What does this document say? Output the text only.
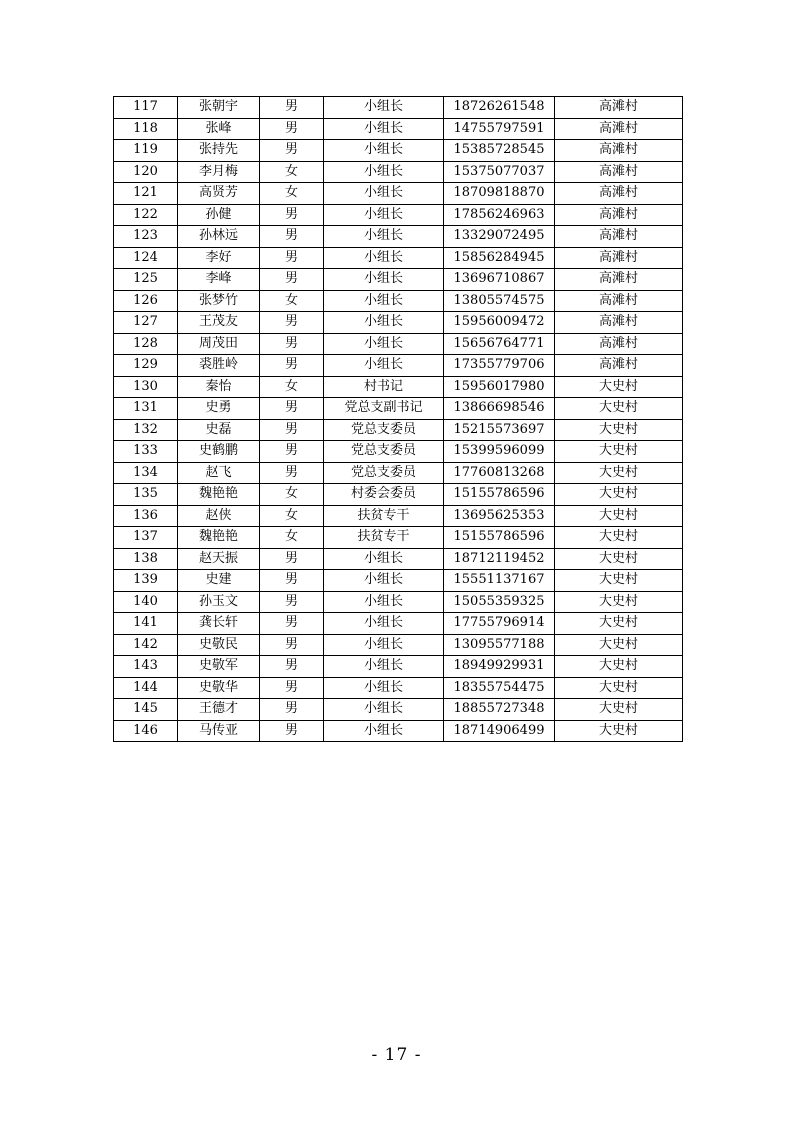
117	张朝宇	男	小组长	18726261548	高滩村
118	张峰	男	小组长	14755797591	高滩村
119	张持先	男	小组长	15385728545	高滩村
120	李月梅	女	小组长	15375077037	高滩村
121	高贤芳	女	小组长	18709818870	高滩村
122	孙健	男	小组长	17856246963	高滩村
123	孙林远	男	小组长	13329072495	高滩村
124	李好	男	小组长	15856284945	高滩村
125	李峰	男	小组长	13696710867	高滩村
126	张梦竹	女	小组长	13805574575	高滩村
127	王茂友	男	小组长	15956009472	高滩村
128	周茂田	男	小组长	15656764771	高滩村
129	裘胜岭	男	小组长	17355779706	高滩村
130	秦怡	女	村书记	15956017980	大史村
131	史勇	男	党总支副书记	13866698546	大史村
132	史磊	男	党总支委员	15215573697	大史村
133	史鹤鹏	男	党总支委员	15399596099	大史村
134	赵飞	男	党总支委员	17760813268	大史村
135	魏艳艳	女	村委会委员	15155786596	大史村
136	赵侠	女	扶贫专干	13695625353	大史村
137	魏艳艳	女	扶贫专干	15155786596	大史村
138	赵天振	男	小组长	18712119452	大史村
139	史建	男	小组长	15551137167	大史村
140	孙玉文	男	小组长	15055359325	大史村
141	龚长轩	男	小组长	17755796914	大史村
142	史敬民	男	小组长	13095577188	大史村
143	史敬军	男	小组长	18949929931	大史村
144	史敬华	男	小组长	18355754475	大史村
145	王德才	男	小组长	18855727348	大史村
146	马传亚	男	小组长	18714906499	大史村
- 17 -
